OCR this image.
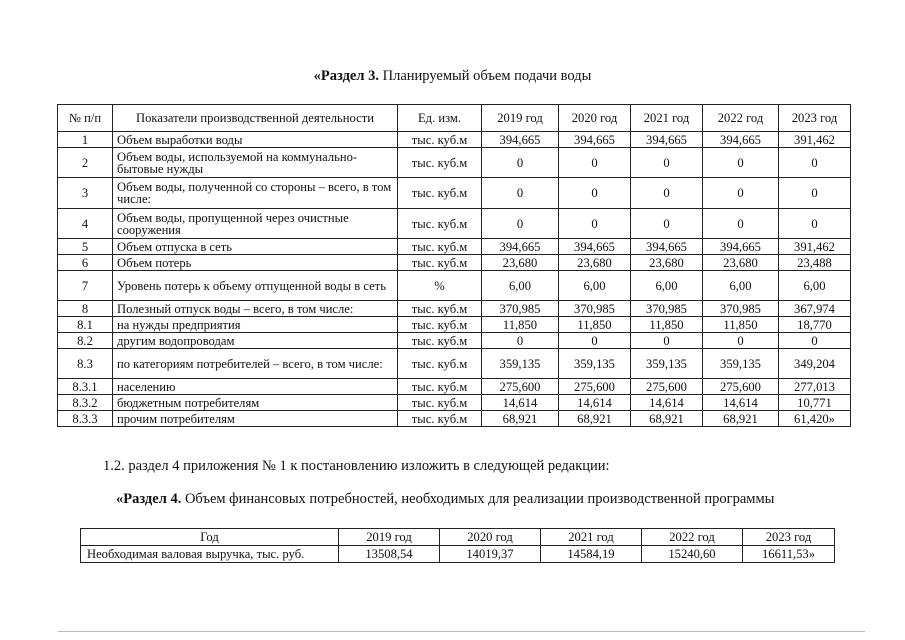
«Раздел 3. Планируемый объем подачи воды
№ п/п	Показатели производственной деятельности	Ед. изм.	2019 год	2020 год	2021 год	2022 год	2023 год
1	Объем выработки воды	тыс. куб.м	394,665	394,665	394,665	394,665	391,462
2	Объем воды, используемой на коммунально-бытовые нужды	тыс. куб.м	0	0	0	0	0
3	Объем воды, полученной со стороны – всего, в том числе:	тыс. куб.м	0	0	0	0	0
4	Объем воды, пропущенной через очистные сооружения	тыс. куб.м	0	0	0	0	0
5	Объем отпуска в сеть	тыс. куб.м	394,665	394,665	394,665	394,665	391,462
6	Объем потерь	тыс. куб.м	23,680	23,680	23,680	23,680	23,488
7	Уровень потерь к объему отпущенной воды в сеть	%	6,00	6,00	6,00	6,00	6,00
8	Полезный отпуск воды – всего, в том числе:	тыс. куб.м	370,985	370,985	370,985	370,985	367,974
8.1	на нужды предприятия	тыс. куб.м	11,850	11,850	11,850	11,850	18,770
8.2	другим водопроводам	тыс. куб.м	0	0	0	0	0
8.3	по категориям потребителей – всего, в том числе:	тыс. куб.м	359,135	359,135	359,135	359,135	349,204
8.3.1	населению	тыс. куб.м	275,600	275,600	275,600	275,600	277,013
8.3.2	бюджетным потребителям	тыс. куб.м	14,614	14,614	14,614	14,614	10,771
8.3.3	прочим потребителям	тыс. куб.м	68,921	68,921	68,921	68,921	61,420»
1.2. раздел 4 приложения № 1 к постановлению изложить в следующей редакции:
«Раздел 4. Объем финансовых потребностей, необходимых для реализации производственной программы
Год	2019 год	2020 год	2021 год	2022 год	2023 год
Необходимая валовая выручка, тыс. руб.	13508,54	14019,37	14584,19	15240,60	16611,53»
